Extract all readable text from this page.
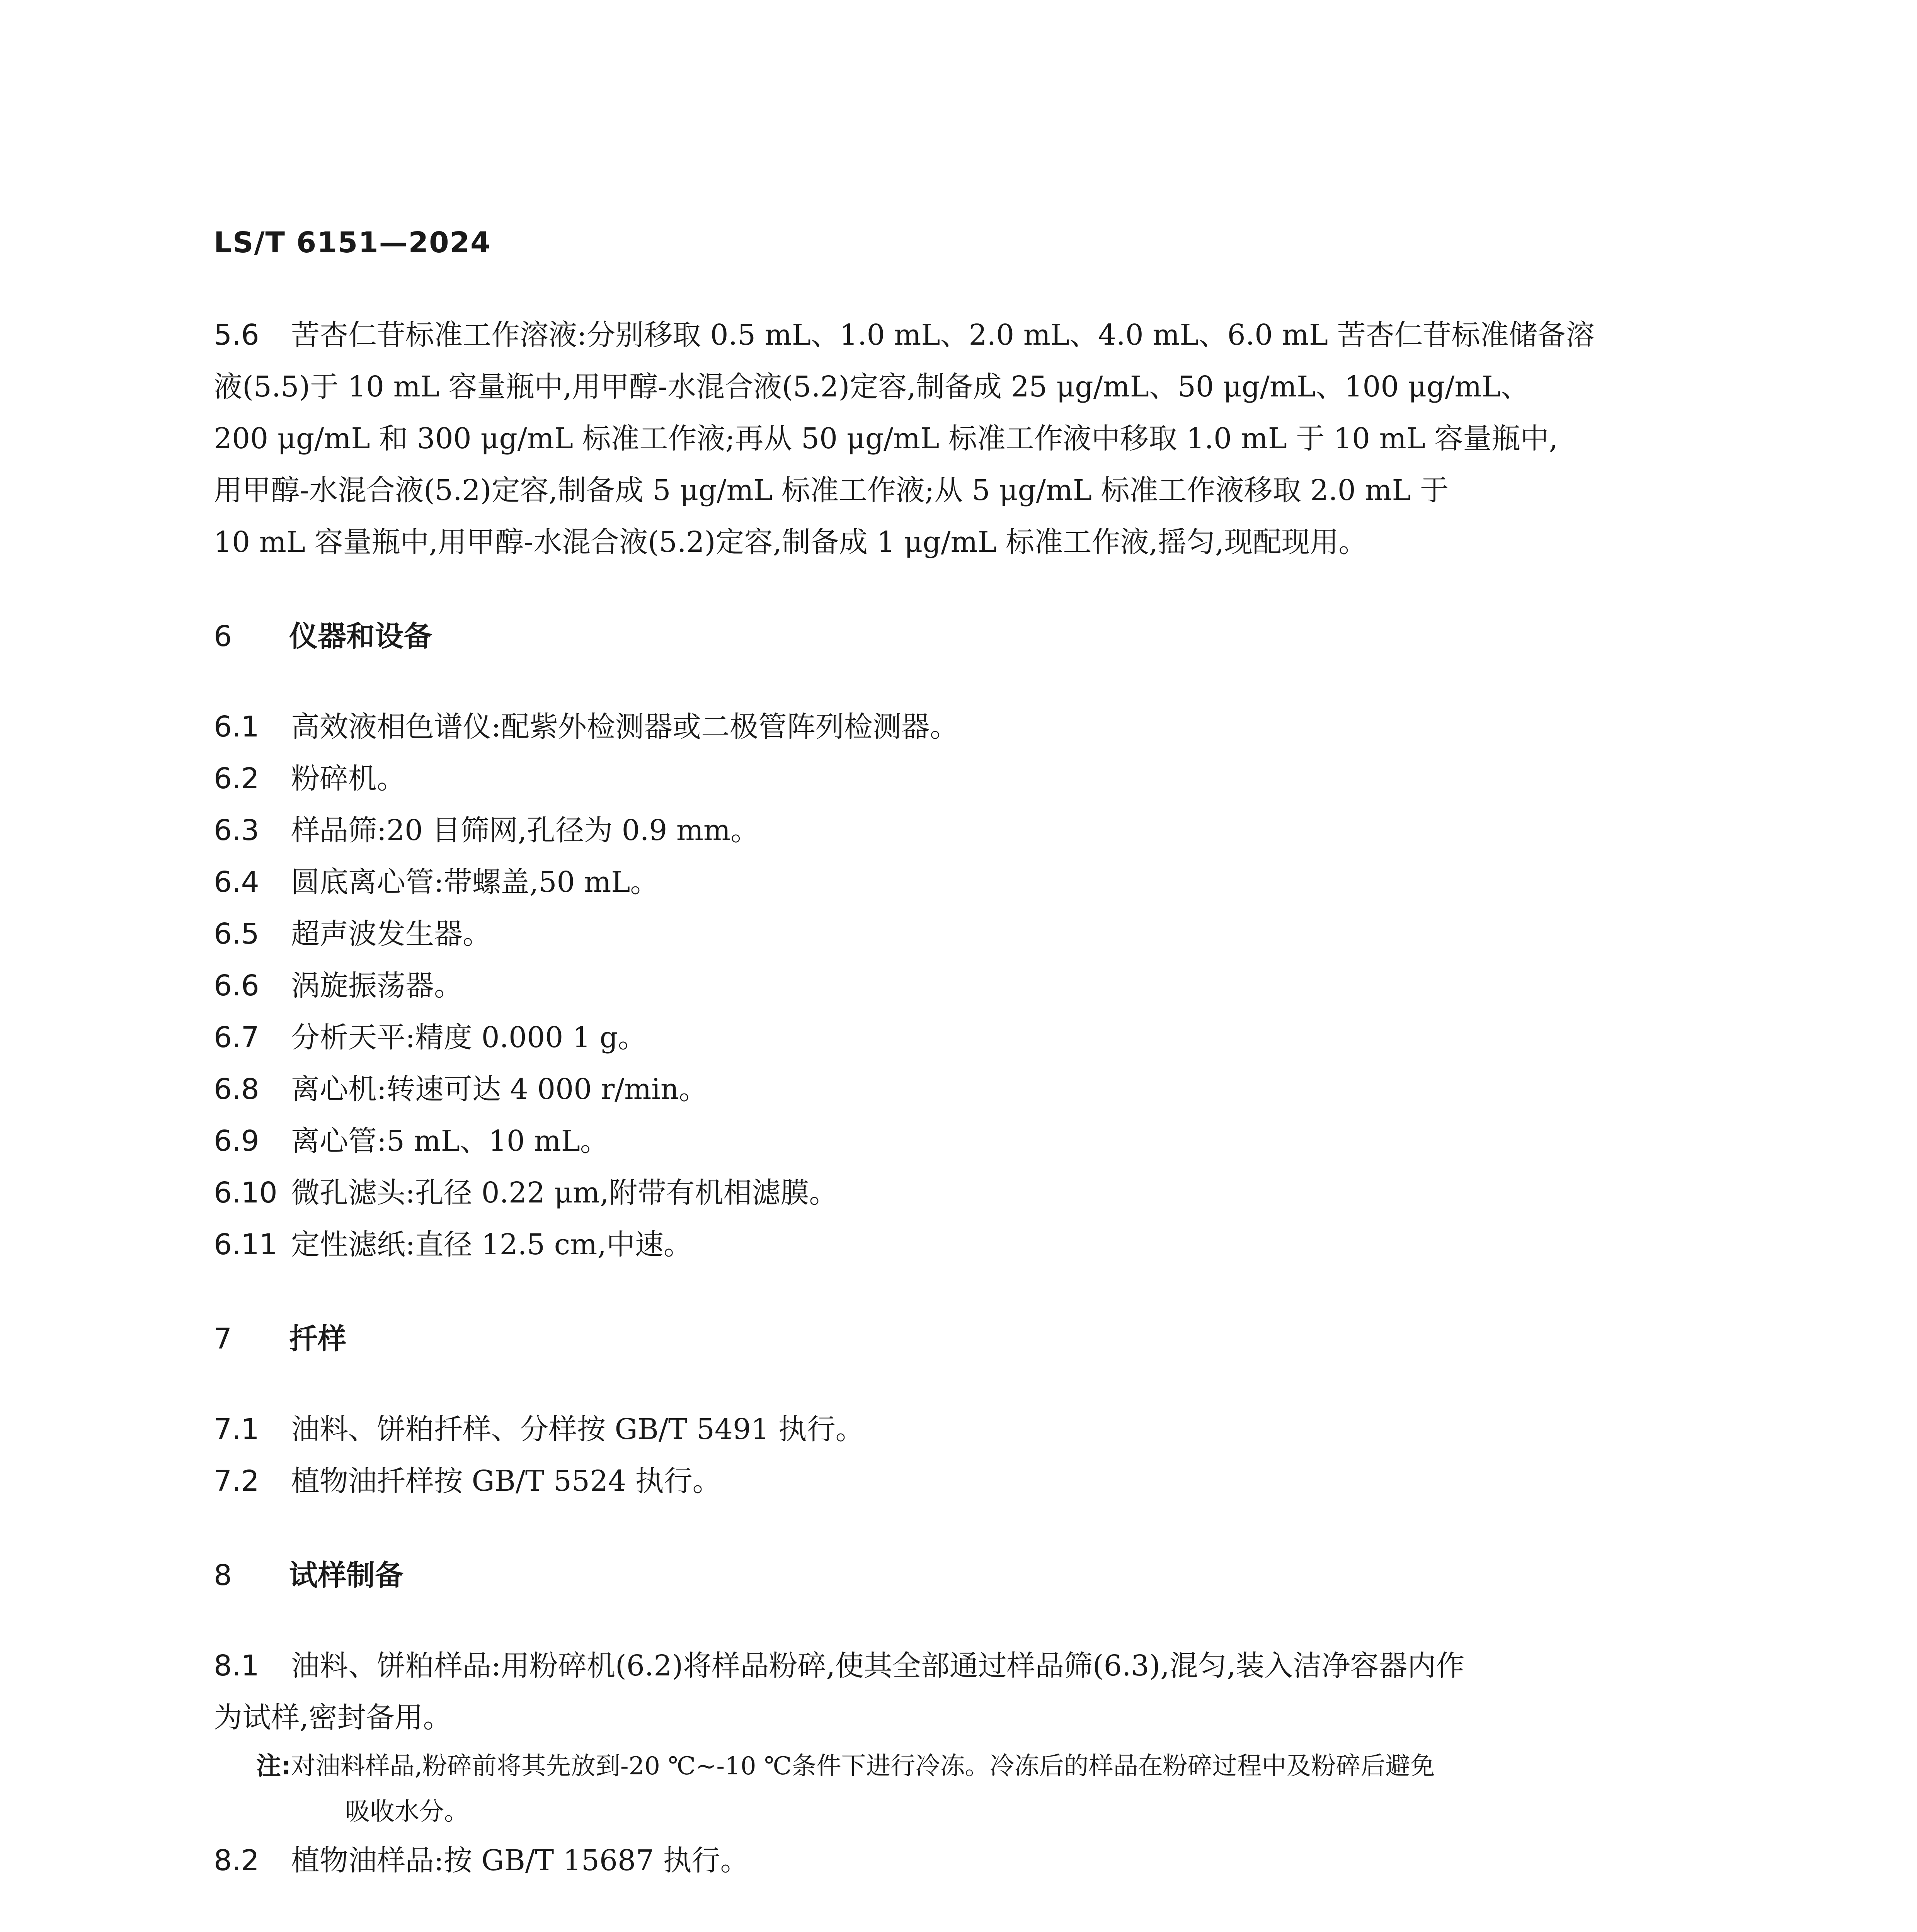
LS/T 6151—2024
5.6 苦杏仁苷标准工作溶液:分别移取 0.5 mL、1.0 mL、2.0 mL、4.0 mL、6.0 mL 苦杏仁苷标准储备溶
液(5.5)于 10 mL 容量瓶中,用甲醇-水混合液(5.2)定容,制备成 25 μg/mL、50 μg/mL、100 μg/mL、
200 μg/mL 和 300 μg/mL 标准工作液;再从 50 μg/mL 标准工作液中移取 1.0 mL 于 10 mL 容量瓶中,
用甲醇-水混合液(5.2)定容,制备成 5 μg/mL 标准工作液;从 5 μg/mL 标准工作液移取 2.0 mL 于
10 mL 容量瓶中,用甲醇-水混合液(5.2)定容,制备成 1 μg/mL 标准工作液,摇匀,现配现用。
6 仪器和设备
6.1 高效液相色谱仪:配紫外检测器或二极管阵列检测器。
6.2 粉碎机。
6.3 样品筛:20 目筛网,孔径为 0.9 mm。
6.4 圆底离心管:带螺盖,50 mL。
6.5 超声波发生器。
6.6 涡旋振荡器。
6.7 分析天平:精度 0.000 1 g。
6.8 离心机:转速可达 4 000 r/min。
6.9 离心管:5 mL、10 mL。
6.10 微孔滤头:孔径 0.22 μm,附带有机相滤膜。
6.11 定性滤纸:直径 12.5 cm,中速。
7 扦样
7.1 油料、饼粕扦样、分样按 GB/T 5491 执行。
7.2 植物油扦样按 GB/T 5524 执行。
8 试样制备
8.1 油料、饼粕样品:用粉碎机(6.2)将样品粉碎,使其全部通过样品筛(6.3),混匀,装入洁净容器内作
为试样,密封备用。
注:对油料样品,粉碎前将其先放到-20 ℃~-10 ℃条件下进行冷冻。冷冻后的样品在粉碎过程中及粉碎后避免
吸收水分。
8.2 植物油样品:按 GB/T 15687 执行。
